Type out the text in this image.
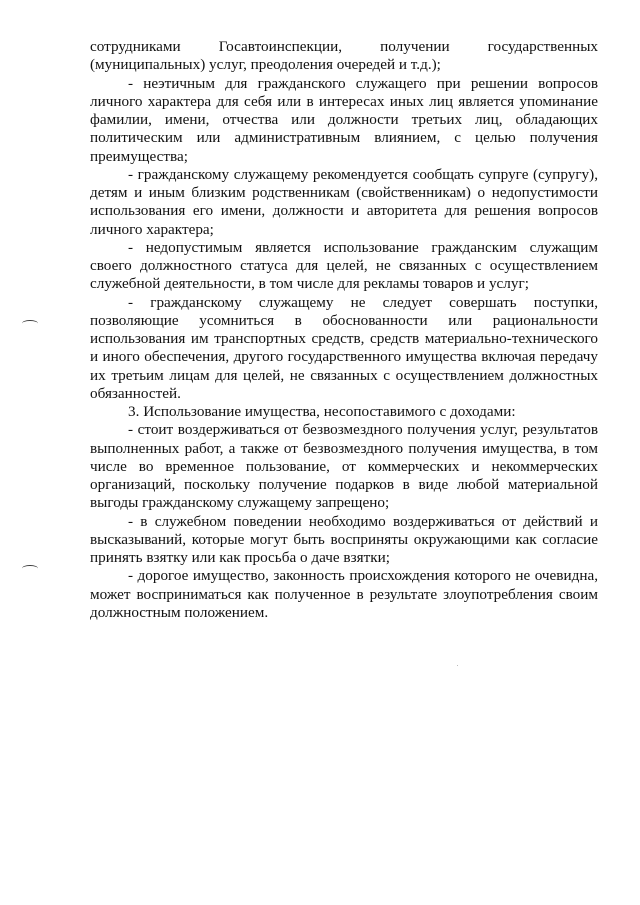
сотрудниками Госавтоинспекции, получении государственных (муниципальных) услуг, преодоления очередей и т.д.);

- неэтичным для гражданского служащего при решении вопросов личного характера для себя или в интересах иных лиц является упоминание фамилии, имени, отчества или должности третьих лиц, обладающих политическим или административным влиянием, с целью получения преимущества;

- гражданскому служащему рекомендуется сообщать супруге (супругу), детям и иным близким родственникам (свойственникам) о недопустимости использования его имени, должности и авторитета для решения вопросов личного характера;

- недопустимым является использование гражданским служащим своего должностного статуса для целей, не связанных с осуществлением служебной деятельности, в том числе для рекламы товаров и услуг;

- гражданскому служащему не следует совершать поступки, позволяющие усомниться в обоснованности или рациональности использования им транспортных средств, средств материально-технического и иного обеспечения, другого государственного имущества включая передачу их третьим лицам для целей, не связанных с осуществлением должностных обязанностей.

3. Использование имущества, несопоставимого с доходами:

- стоит воздерживаться от безвозмездного получения услуг, результатов выполненных работ, а также от безвозмездного получения имущества, в том числе во временное пользование, от коммерческих и некоммерческих организаций, поскольку получение подарков в виде любой материальной выгоды гражданскому служащему запрещено;

- в служебном поведении необходимо воздерживаться от действий и высказываний, которые могут быть восприняты окружающими как согласие принять взятку или как просьба о даче взятки;

- дорогое имущество, законность происхождения которого не очевидна, может восприниматься как полученное в результате злоупотребления своим должностным положением.
